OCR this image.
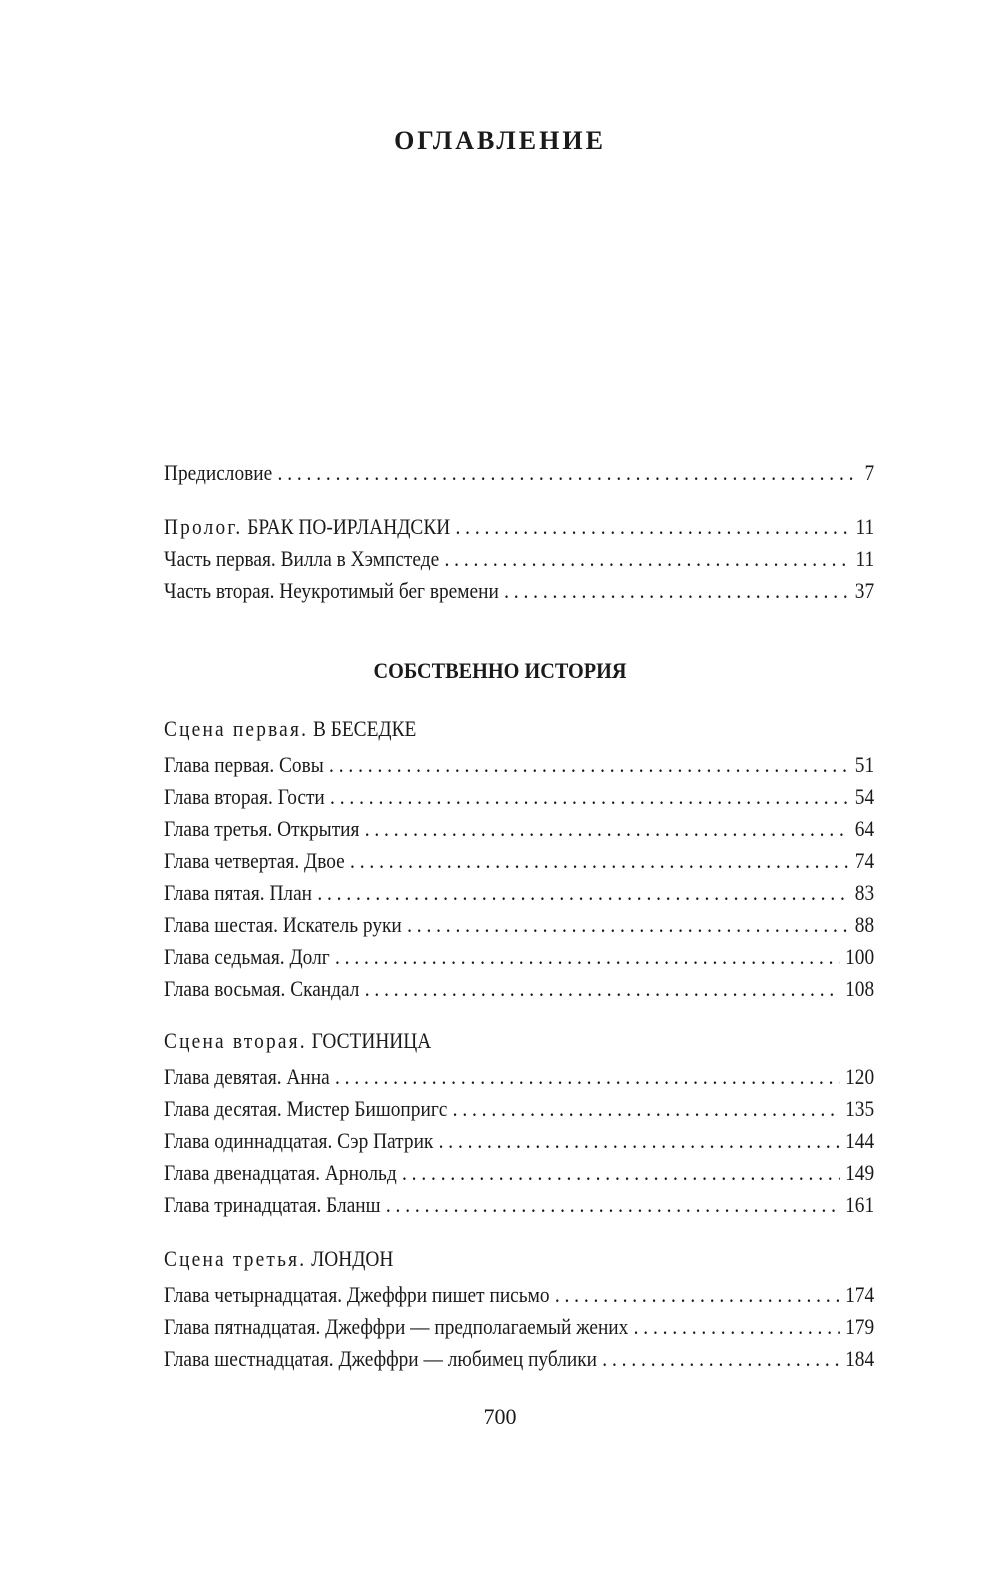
ОГЛАВЛЕНИЕ
Предисловие . . .	7
Пролог. БРАК ПО-ИРЛАНДСКИ . . .	11
Часть первая. Вилла в Хэмпстеде . . .	11
Часть вторая. Неукротимый бег времени . . .	37
СОБСТВЕННО ИСТОРИЯ
Сцена первая. В БЕСЕДКЕ
Глава первая. Совы . . .	51
Глава вторая. Гости . . .	54
Глава третья. Открытия . . .	64
Глава четвертая. Двое . . .	74
Глава пятая. План . . .	83
Глава шестая. Искатель руки . . .	88
Глава седьмая. Долг . . .	100
Глава восьмая. Скандал . . .	108
Сцена вторая. ГОСТИНИЦА
Глава девятая. Анна . . .	120
Глава десятая. Мистер Бишопригс . . .	135
Глава одиннадцатая. Сэр Патрик . . .	144
Глава двенадцатая. Арнольд . . .	149
Глава тринадцатая. Бланш . . .	161
Сцена третья. ЛОНДОН
Глава четырнадцатая. Джеффри пишет письмо . . .	174
Глава пятнадцатая. Джеффри — предполагаемый жених . . .	179
Глава шестнадцатая. Джеффри — любимец публики . . .	184
700
